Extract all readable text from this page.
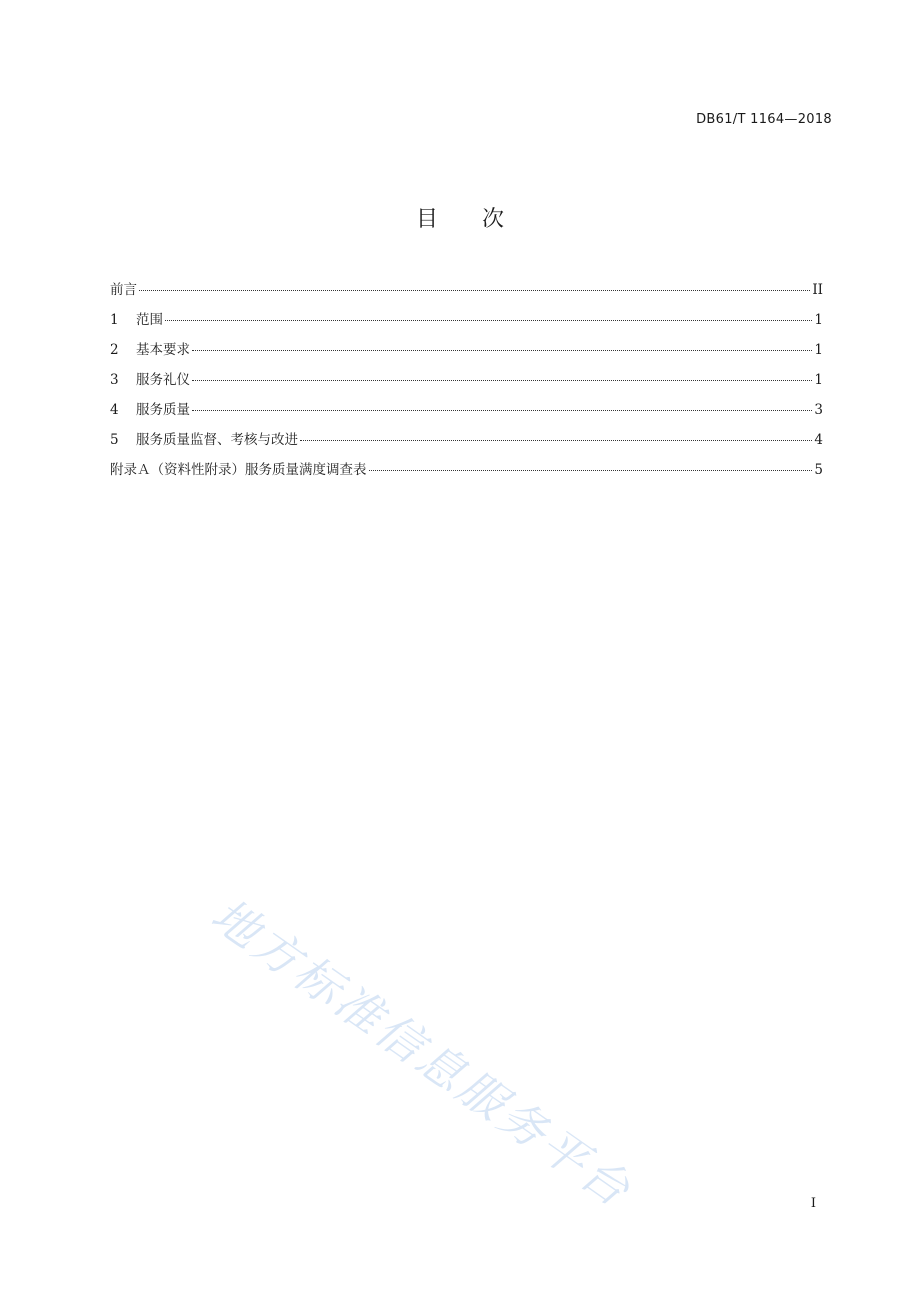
DB61/T 1164—2018
目　　次
前言	II
1	范围	1
2	基本要求	1
3	服务礼仪	1
4	服务质量	3
5	服务质量监督、考核与改进	4
附录Ａ（资料性附录）服务质量满度调查表	5
地方标准信息服务平台	I
